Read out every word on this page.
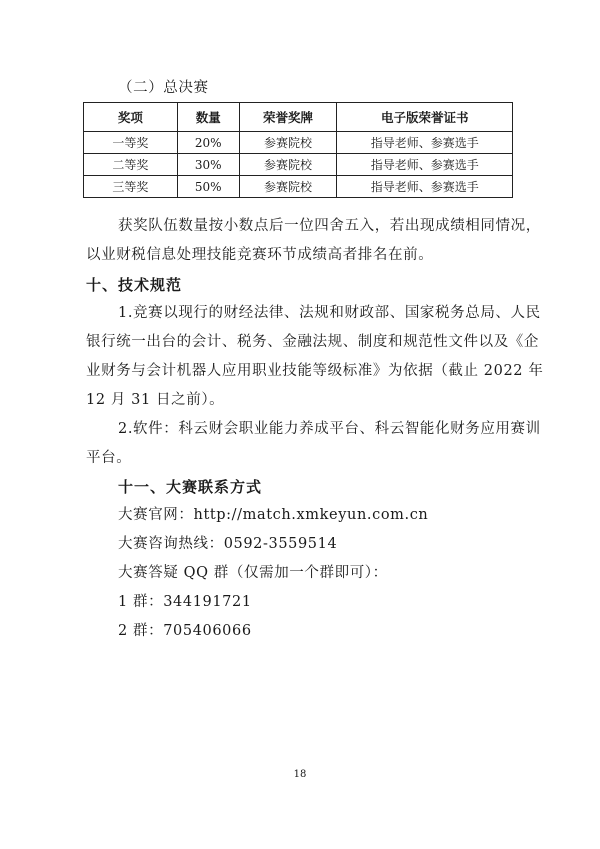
（二）总决赛
奖项	数量	荣誉奖牌	电子版荣誉证书
一等奖	20%	参赛院校	指导老师、参赛选手
二等奖	30%	参赛院校	指导老师、参赛选手
三等奖	50%	参赛院校	指导老师、参赛选手
获奖队伍数量按小数点后一位四舍五入，若出现成绩相同情况，
以业财税信息处理技能竞赛环节成绩高者排名在前。
十、技术规范
1.竞赛以现行的财经法律、法规和财政部、国家税务总局、人民
银行统一出台的会计、税务、金融法规、制度和规范性文件以及《企
业财务与会计机器人应用职业技能等级标准》为依据（截止 2022 年
12 月 31 日之前）。
2.软件：科云财会职业能力养成平台、科云智能化财务应用赛训
平台。
十一、大赛联系方式
大赛官网：http://match.xmkeyun.com.cn
大赛咨询热线：0592-3559514
大赛答疑 QQ 群（仅需加一个群即可）：
1 群：344191721
2 群：705406066
18
